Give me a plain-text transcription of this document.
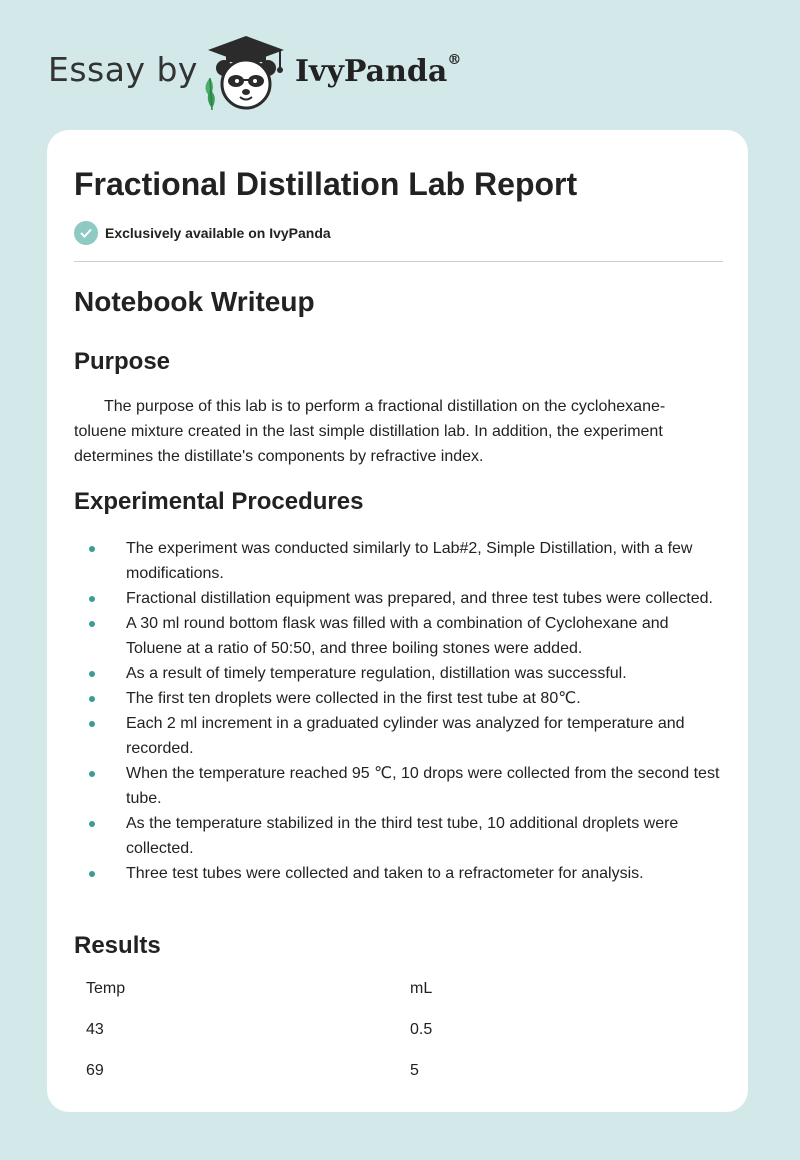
Essay by	IvyPanda®
Fractional Distillation Lab Report
Exclusively available on IvyPanda
Notebook Writeup
Purpose

The purpose of this lab is to perform a fractional distillation on the cyclohexane-toluene mixture created in the last simple distillation lab. In addition, the experiment determines the distillate's components by refractive index.

Experimental Procedures
The experiment was conducted similarly to Lab#2, Simple Distillation, with a few modifications.
Fractional distillation equipment was prepared, and three test tubes were collected.
A 30 ml round bottom flask was filled with a combination of Cyclohexane and Toluene at a ratio of 50:50, and three boiling stones were added.
As a result of timely temperature regulation, distillation was successful.
The first ten droplets were collected in the first test tube at 80℃.
Each 2 ml increment in a graduated cylinder was analyzed for temperature and recorded.
When the temperature reached 95 ℃, 10 drops were collected from the second test tube.
As the temperature stabilized in the third test tube, 10 additional droplets were collected.
Three test tubes were collected and taken to a refractometer for analysis.
Results
Temp	mL
43	0.5
69	5
